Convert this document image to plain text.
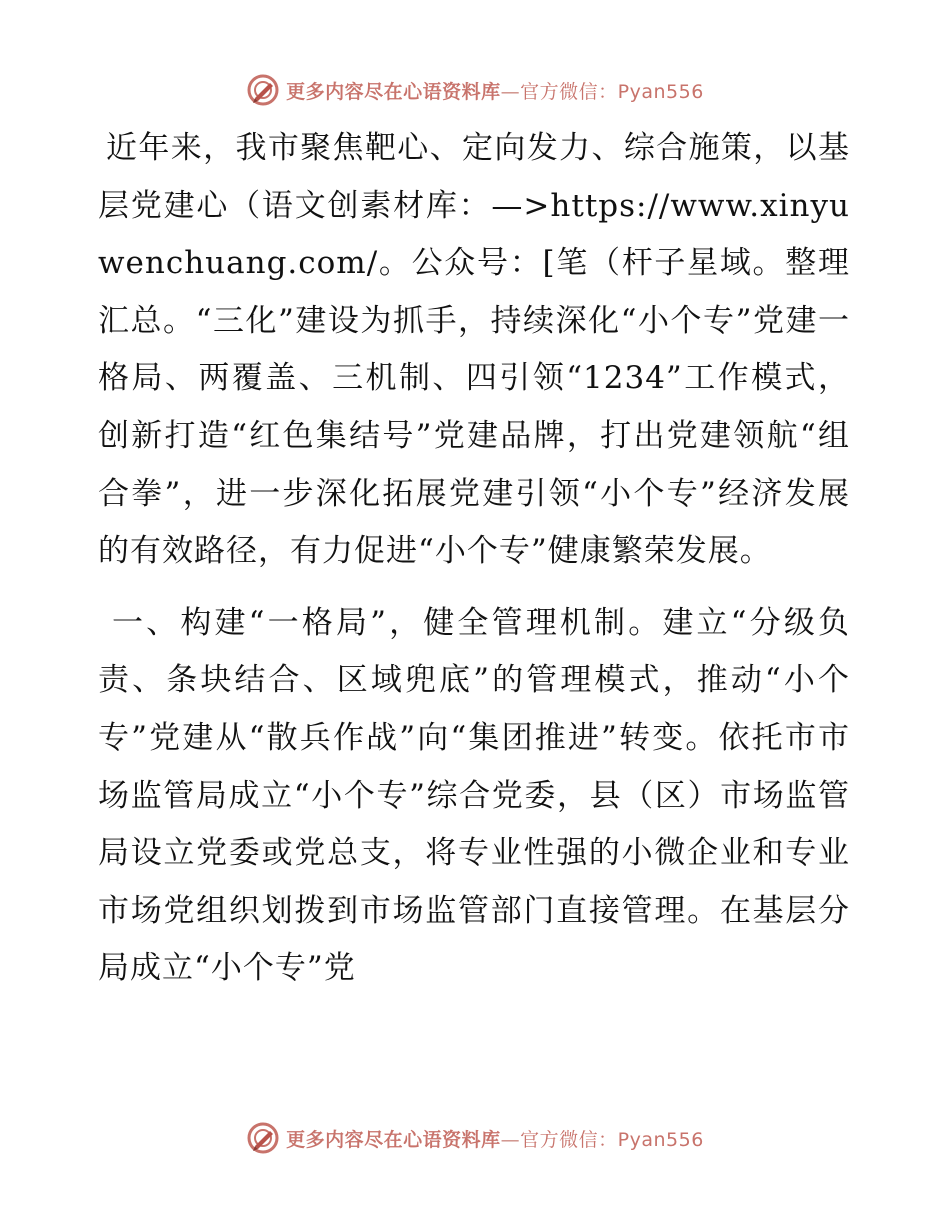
更多内容尽在心语资料库—官方微信：Pyan556

近年来，我市聚焦靶心、定向发力、综合施策，以基层党建心（语文创素材库：—>https://www.xinyuwenchuang.com/。公众号：[笔（杆子星域。整理汇总。“三化”建设为抓手，持续深化“小个专”党建一格局、两覆盖、三机制、四引领“1234”工作模式，创新打造“红色集结号”党建品牌，打出党建领航“组合拳”，进一步深化拓展党建引领“小个专”经济发展的有效路径，有力促进“小个专”健康繁荣发展。

一、构建“一格局”，健全管理机制。建立“分级负责、条块结合、区域兜底”的管理模式，推动“小个专”党建从“散兵作战”向“集团推进”转变。依托市市场监管局成立“小个专”综合党委，县（区）市场监管局设立党委或党总支，将专业性强的小微企业和专业市场党组织划拨到市场监管部门直接管理。在基层分局成立“小个专”党

更多内容尽在心语资料库—官方微信：Pyan556
